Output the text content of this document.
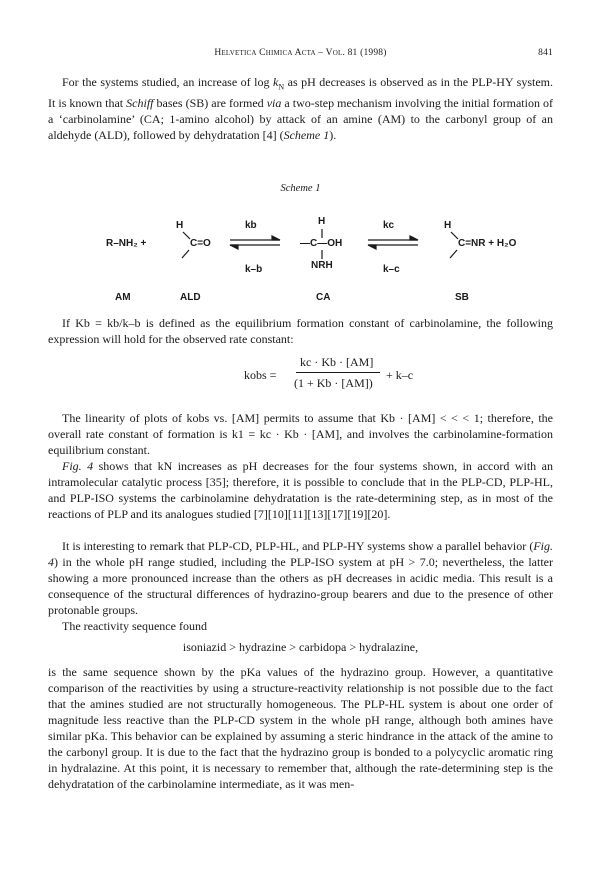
Helvetica Chimica Acta – Vol. 81 (1998)	841

For the systems studied, an increase of $\log k_N$ as pH decreases is observed as in the PLP-HY system. It is known that Schiff bases (SB) are formed via a two-step mechanism involving the initial formation of a ‘carbinolamine’ (CA; 1-amino alcohol) by attack of an amine (AM) to the carbonyl group of an aldehyde (ALD), followed by dehydratation [4] (Scheme 1).

Scheme 1
R–NH₂ +
H
C=O
kb
k–b
H
—C—OH
NRH
kc
k–c
H
C=NR + H₂O
AM	ALD	CA	SB

If Kb = kb/k–b is defined as the equilibrium formation constant of carbinolamine, the following expression will hold for the observed rate constant:

kobs =
kc · Kb · [AM]
(1 + Kb · [AM])
+ k–c

The linearity of plots of kobs vs. [AM] permits to assume that Kb · [AM] < < < 1; therefore, the overall rate constant of formation is k1 = kc · Kb · [AM], and involves the carbinolamine-formation equilibrium constant.

Fig. 4 shows that kN increases as pH decreases for the four systems shown, in accord with an intramolecular catalytic process [35]; therefore, it is possible to conclude that in the PLP-CD, PLP-HL, and PLP-ISO systems the carbinolamine dehydratation is the rate-determining step, as in most of the reactions of PLP and its analogues studied [7][10][11][13][17][19][20].

It is interesting to remark that PLP-CD, PLP-HL, and PLP-HY systems show a parallel behavior (Fig. 4) in the whole pH range studied, including the PLP-ISO system at pH > 7.0; nevertheless, the latter showing a more pronounced increase than the others as pH decreases in acidic media. This result is a consequence of the structural differences of hydrazino-group bearers and due to the presence of other protonable groups.

The reactivity sequence found

isoniazid > hydrazine > carbidopa > hydralazine,

is the same sequence shown by the pKa values of the hydrazino group. However, a quantitative comparison of the reactivities by using a structure-reactivity relationship is not possible due to the fact that the amines studied are not structurally homogeneous. The PLP-HL system is about one order of magnitude less reactive than the PLP-CD system in the whole pH range, although both amines have similar pKa. This behavior can be explained by assuming a steric hindrance in the attack of the amine to the carbonyl group. It is due to the fact that the hydrazino group is bonded to a polycyclic aromatic ring in hydralazine. At this point, it is necessary to remember that, although the rate-determining step is the dehydratation of the carbinolamine intermediate, as it was men-
